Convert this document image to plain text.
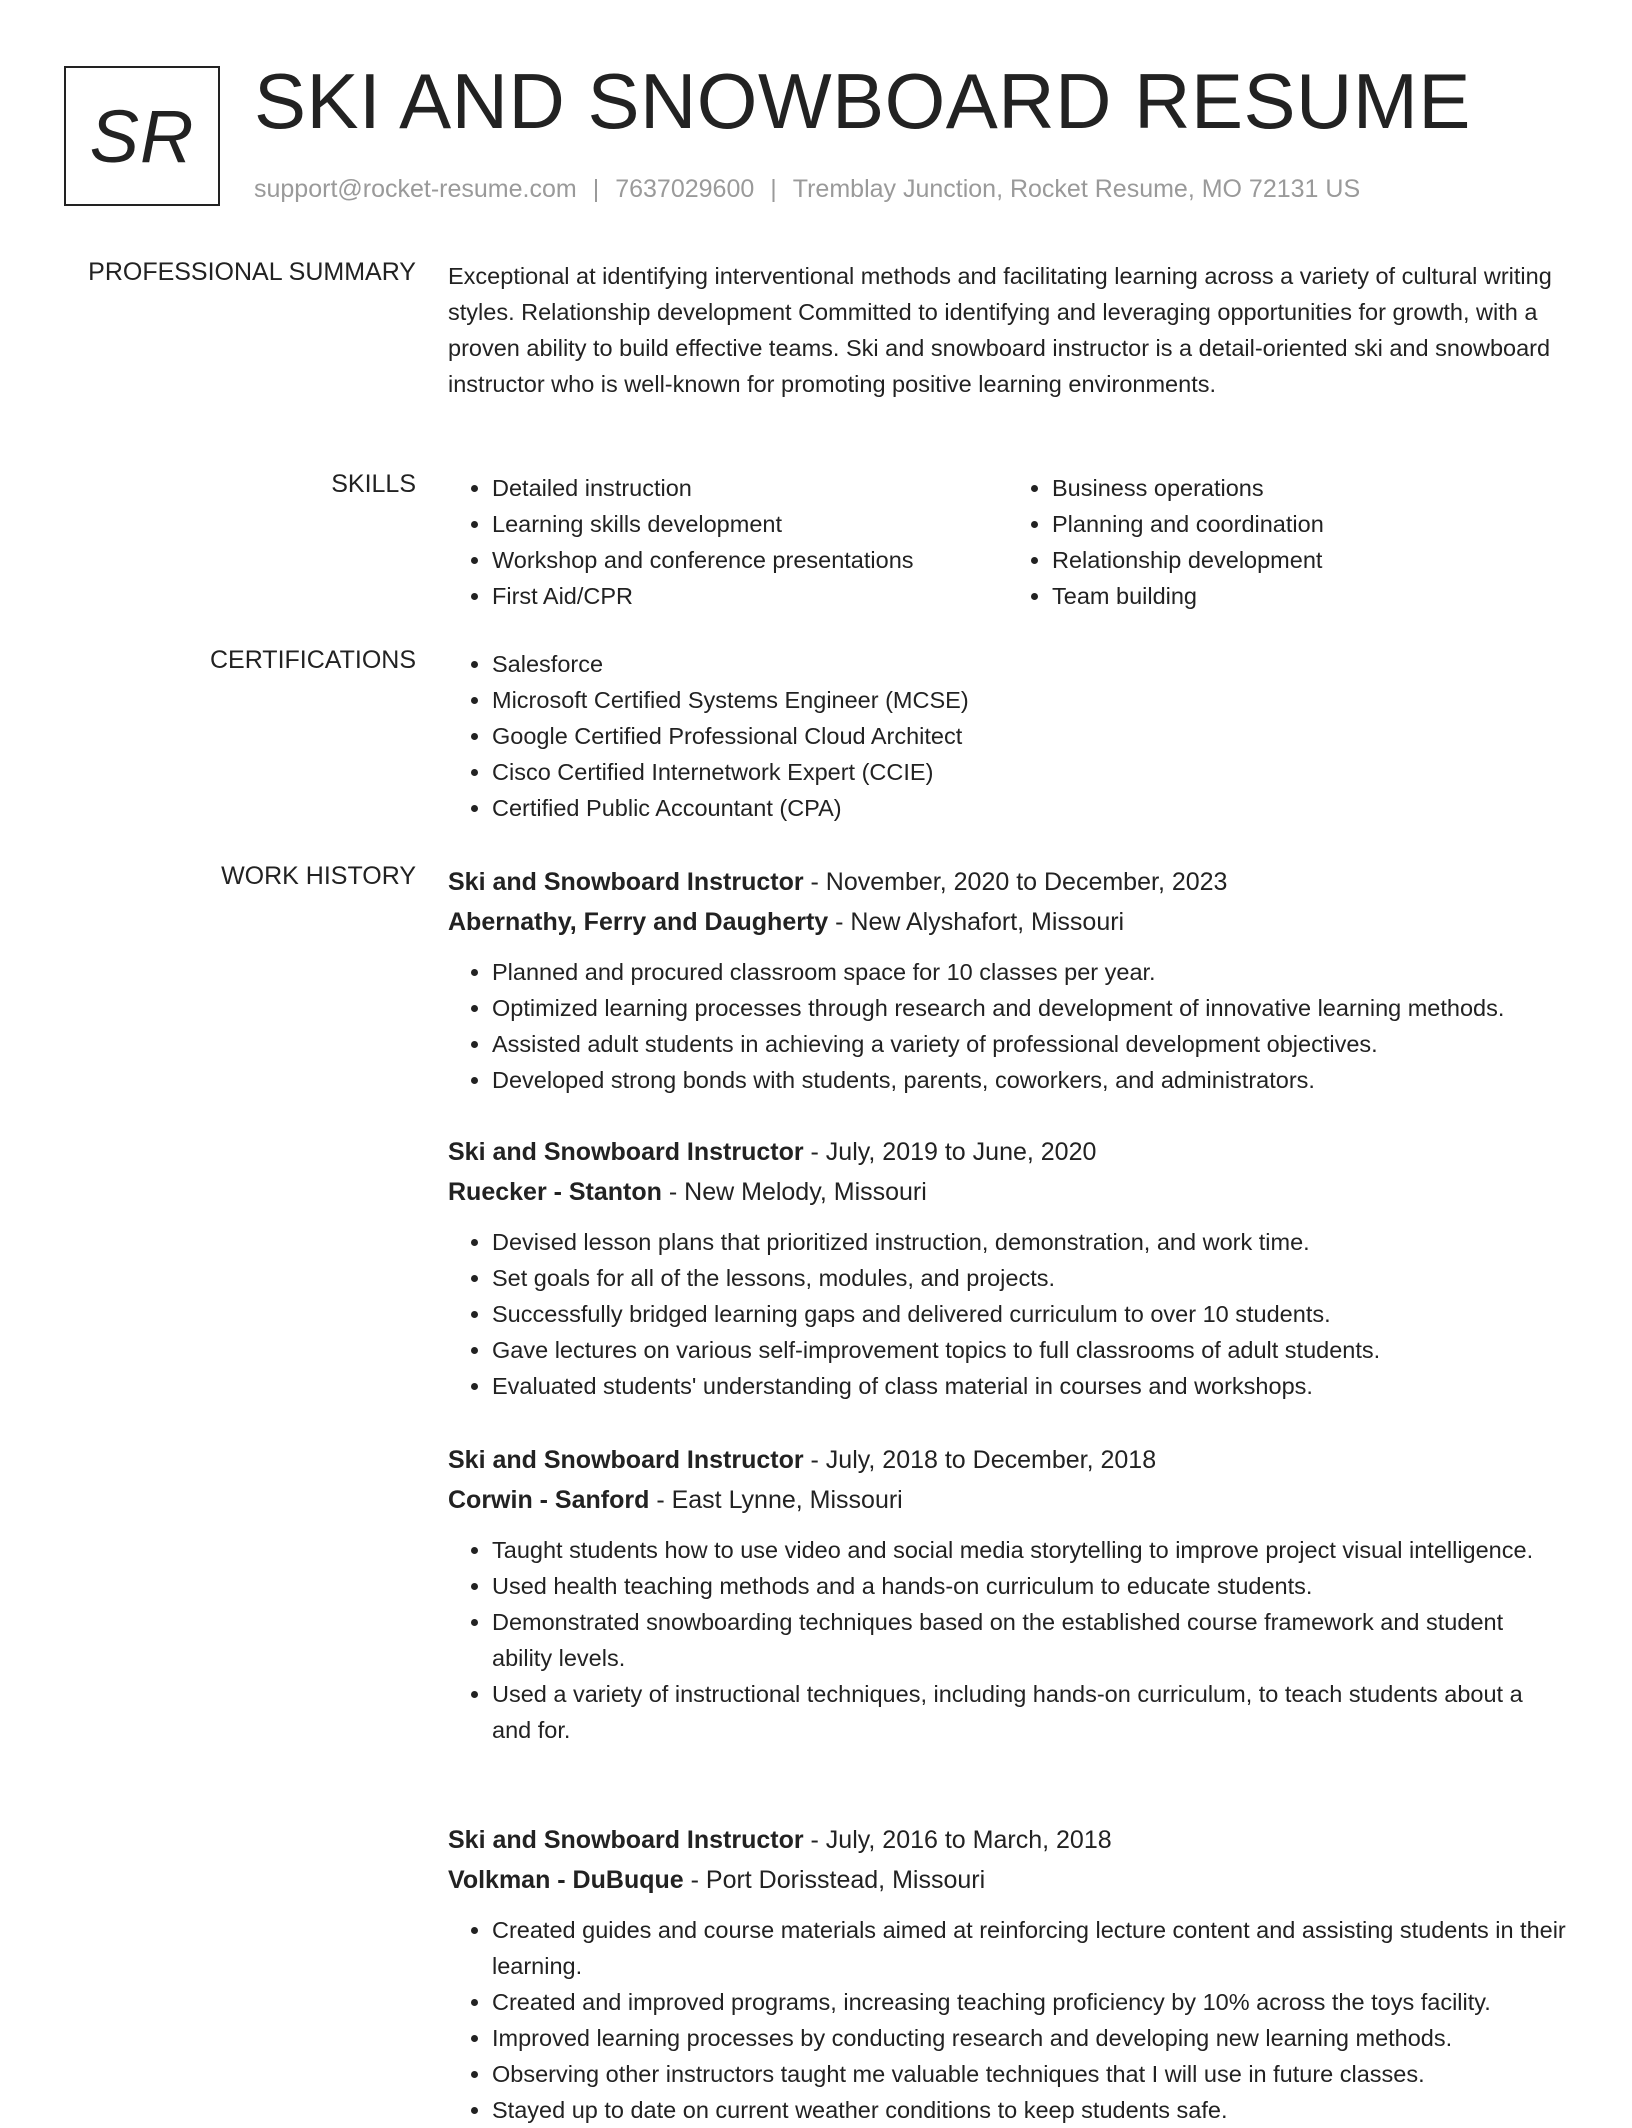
SR SKI AND SNOWBOARD RESUME
support@rocket-resume.com | 7637029600 | Tremblay Junction, Rocket Resume, MO 72131 US
PROFESSIONAL SUMMARY Exceptional at identifying interventional methods and facilitating learning across a variety of cultural writing styles. Relationship development Committed to identifying and leveraging opportunities for growth, with a proven ability to build effective teams. Ski and snowboard instructor is a detail-oriented ski and snowboard instructor who is well-known for promoting positive learning environments.
SKILLS	• Detailed instruction
• Learning skills development
• Workshop and conference presentations
• First Aid/CPR
• Business operations
• Planning and coordination
• Relationship development
• Team building
CERTIFICATIONS	• Salesforce
• Microsoft Certified Systems Engineer (MCSE)
• Google Certified Professional Cloud Architect
• Cisco Certified Internetwork Expert (CCIE)
• Certified Public Accountant (CPA)
WORK HISTORY Ski and Snowboard Instructor - November, 2020 to December, 2023
Abernathy, Ferry and Daugherty - New Alyshafort, Missouri
• Planned and procured classroom space for 10 classes per year.
• Optimized learning processes through research and development of innovative learning methods.
• Assisted adult students in achieving a variety of professional development objectives.
• Developed strong bonds with students, parents, coworkers, and administrators.
Ski and Snowboard Instructor - July, 2019 to June, 2020
Ruecker - Stanton - New Melody, Missouri
• Devised lesson plans that prioritized instruction, demonstration, and work time.
• Set goals for all of the lessons, modules, and projects.
• Successfully bridged learning gaps and delivered curriculum to over 10 students.
• Gave lectures on various self-improvement topics to full classrooms of adult students.
• Evaluated students' understanding of class material in courses and workshops.
Ski and Snowboard Instructor - July, 2018 to December, 2018
Corwin - Sanford - East Lynne, Missouri
• Taught students how to use video and social media storytelling to improve project visual intelligence.
• Used health teaching methods and a hands-on curriculum to educate students.
• Demonstrated snowboarding techniques based on the established course framework and student ability levels.
• Used a variety of instructional techniques, including hands-on curriculum, to teach students about a and for.
Ski and Snowboard Instructor - July, 2016 to March, 2018
Volkman - DuBuque - Port Dorisstead, Missouri
• Created guides and course materials aimed at reinforcing lecture content and assisting students in their learning.
• Created and improved programs, increasing teaching proficiency by 10% across the toys facility.
• Improved learning processes by conducting research and developing new learning methods.
• Observing other instructors taught me valuable techniques that I will use in future classes.
• Stayed up to date on current weather conditions to keep students safe.
